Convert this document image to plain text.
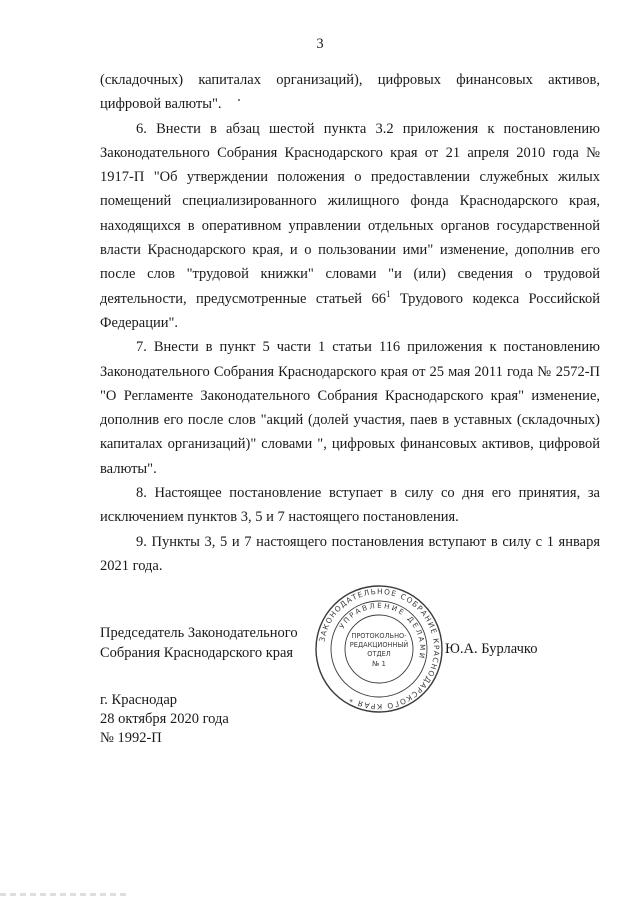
3

(складочных) капиталах организаций), цифровых финансовых активов, цифровой валюты".

6. Внести в абзац шестой пункта 3.2 приложения к постановлению Законодательного Собрания Краснодарского края от 21 апреля 2010 года № 1917-П "Об утверждении положения о предоставлении служебных жилых помещений специализированного жилищного фонда Краснодарского края, находящихся в оперативном управлении отдельных органов государственной власти Краснодарского края, и о пользовании ими" изменение, дополнив его после слов "трудовой книжки" словами "и (или) сведения о трудовой деятельности, предусмотренные статьей $66^1$ Трудового кодекса Российской Федерации".

7. Внести в пункт 5 части 1 статьи 116 приложения к постановлению Законодательного Собрания Краснодарского края от 25 мая 2011 года № 2572-П "О Регламенте Законодательного Собрания Краснодарского края" изменение, дополнив его после слов "акций (долей участия, паев в уставных (складочных) капиталах организаций)" словами ", цифровых финансовых активов, цифровой валюты".

8. Настоящее постановление вступает в силу со дня его принятия, за исключением пунктов 3, 5 и 7 настоящего постановления.

9. Пункты 3, 5 и 7 настоящего постановления вступают в силу с 1 января 2021 года.

Председатель Законодательного
Собрания Краснодарского края	Ю.А. Бурлачко
г. Краснодар
28 октября 2020 года
№ 1992-П
ЗАКОНОДАТЕЛЬНОЕ СОБРАНИЕ КРАСНОДАРСКОГО КРАЯ *
УПРАВЛЕНИЕ ДЕЛАМИ
ПРОТОКОЛЬНО-
РЕДАКЦИОННЫЙ
ОТДЕЛ
№ 1
